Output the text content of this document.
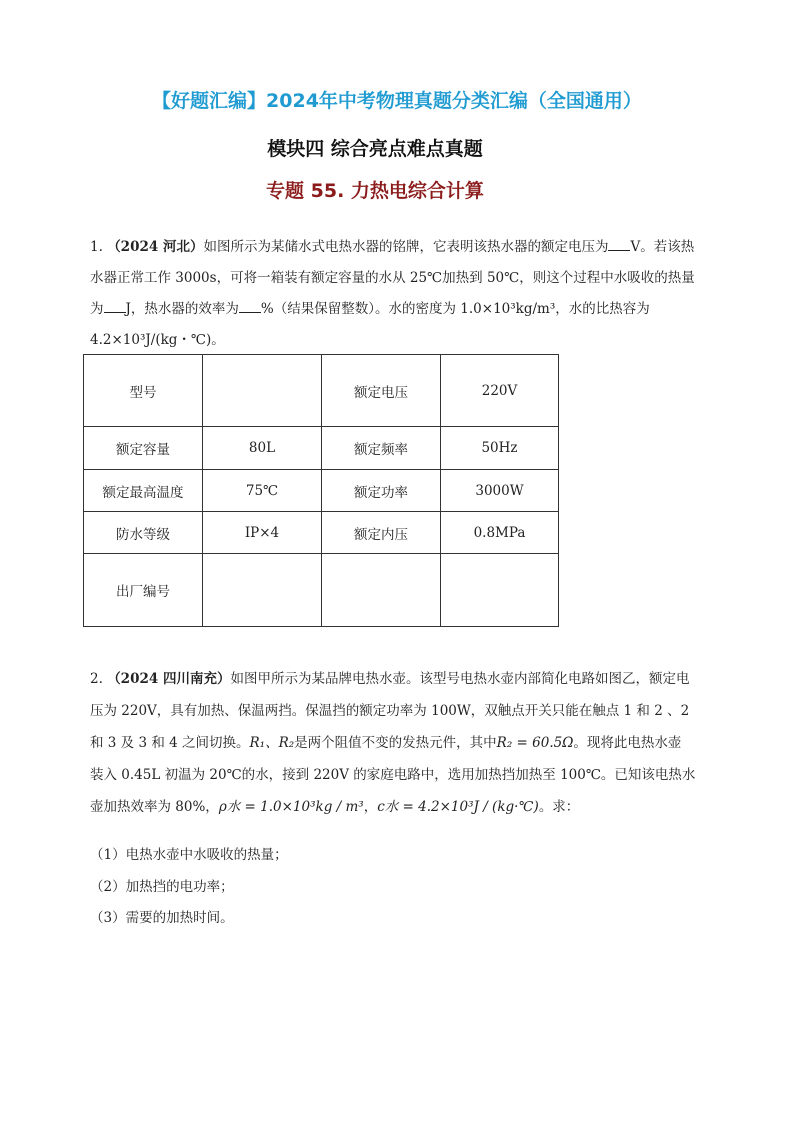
【好题汇编】2024年中考物理真题分类汇编（全国通用）
模块四 综合亮点难点真题
专题 55. 力热电综合计算
1. （2024 河北）如图所示为某储水式电热水器的铭牌，它表明该热水器的额定电压为 V。若该热
水器正常工作 3000s，可将一箱装有额定容量的水从 25℃加热到 50℃，则这个过程中水吸收的热量
为 J，热水器的效率为 %（结果保留整数）。水的密度为 1.0×10³kg/m³，水的比热容为
4.2×10³J/(kg・℃)。
型号		额定电压	220V
额定容量	80L	额定频率	50Hz
额定最高温度	75℃	额定功率	3000W
防水等级	IP×4	额定内压	0.8MPa
出厂编号			
2. （2024 四川南充）如图甲所示为某品牌电热水壶。该型号电热水壶内部简化电路如图乙，额定电
压为 220V，具有加热、保温两挡。保温挡的额定功率为 100W，双触点开关只能在触点 1 和 2 、2
和 3 及 3 和 4 之间切换。R₁、R₂是两个阻值不变的发热元件，其中R₂ = 60.5Ω。现将此电热水壶
装入 0.45L 初温为 20℃的水，接到 220V 的家庭电路中，选用加热挡加热至 100℃。已知该电热水
壶加热效率为 80%，ρ水 = 1.0×10³kg / m³，c水 = 4.2×10³J / (kg·℃)。求：
（1）电热水壶中水吸收的热量；
（2）加热挡的电功率；
（3）需要的加热时间。
